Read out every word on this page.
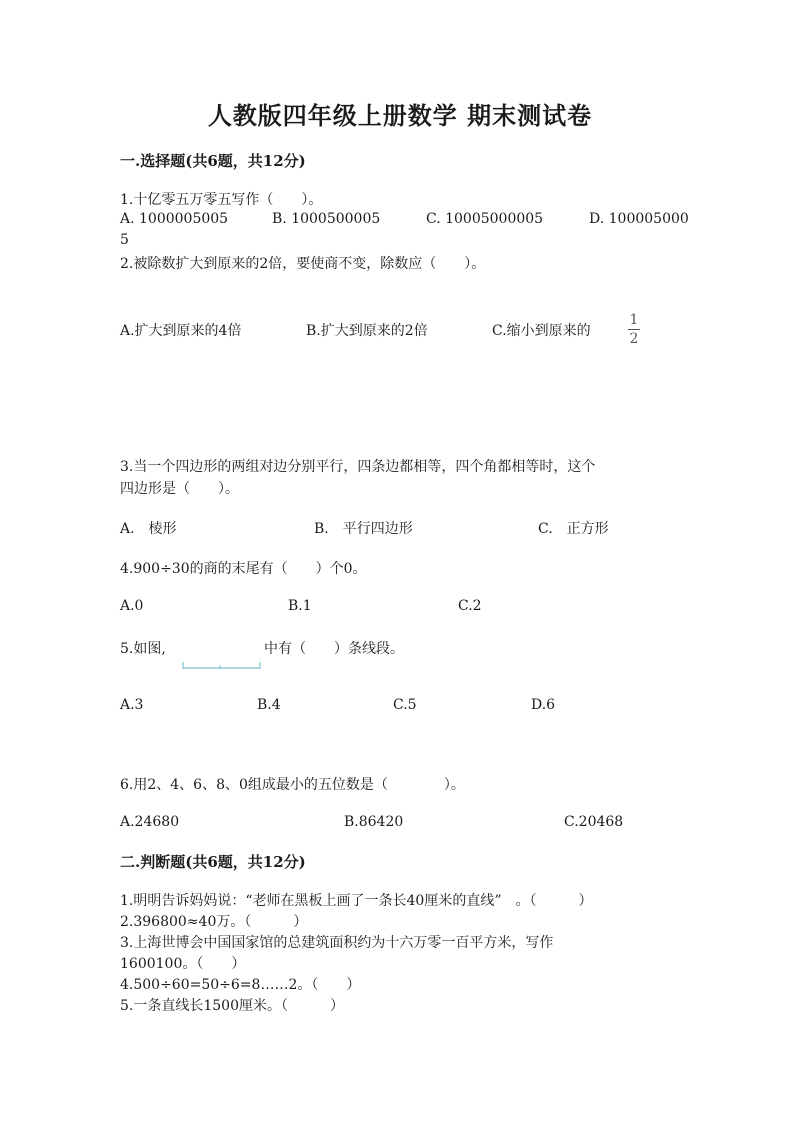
人教版四年级上册数学 期末测试卷
一.选择题(共6题，共12分)
1.十亿零五万零五写作（　　）。
A. 1000005005	B. 1000500005	C. 10005000005	D. 100005000
5
2.被除数扩大到原来的2倍，要使商不变，除数应（　　）。
A.扩大到原来的4倍	B.扩大到原来的2倍	C.缩小到原来的
1
2
3.当一个四边形的两组对边分别平行，四条边都相等，四个角都相等时，这个
四边形是（　　）。
A.　棱形	B.　平行四边形	C.　正方形
4.900÷30的商的末尾有（　　）个0。
A.0	B.1	C.2
5.如图,	中有（　　）条线段。
A.3	B.4	C.5	D.6
6.用2、4、6、8、0组成最小的五位数是（　　　　）。
A.24680	B.86420	C.20468
二.判断题(共6题，共12分)
1.明明告诉妈妈说：“老师在黑板上画了一条长40厘米的直线”　。（　　　）
2.396800≈40万。（　　　）
3.上海世博会中国国家馆的总建筑面积约为十六万零一百平方米，写作
1600100。（　　）
4.500÷60=50÷6=8……2。（　　）
5.一条直线长1500厘米。（　　　）
